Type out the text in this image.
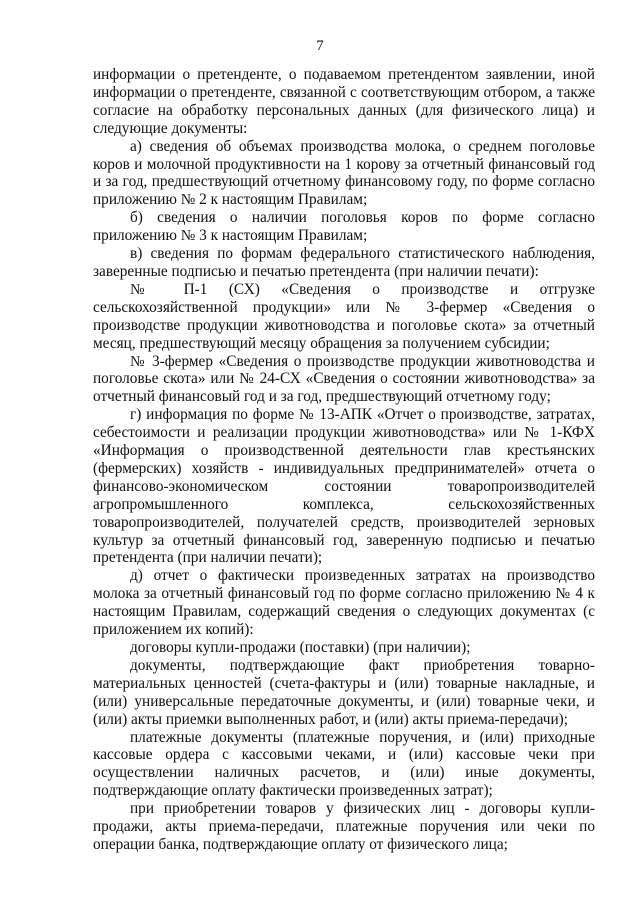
7

информации о претенденте, о подаваемом претендентом заявлении, иной информации о претенденте, связанной с соответствующим отбором, а также согласие на обработку персональных данных (для физического лица) и следующие документы:

а) сведения об объемах производства молока, о среднем поголовье коров и молочной продуктивности на 1 корову за отчетный финансовый год и за год, предшествующий отчетному финансовому году, по форме согласно приложению № 2 к настоящим Правилам;

б) сведения о наличии поголовья коров по форме согласно приложению № 3 к настоящим Правилам;

в) сведения по формам федерального статистического наблюдения, заверенные подписью и печатью претендента (при наличии печати):

№ П-1 (СХ) «Сведения о производстве и отгрузке сельскохозяйственной продукции» или № 3-фермер «Сведения о производстве продукции животноводства и поголовье скота» за отчетный месяц, предшествующий месяцу обращения за получением субсидии;

№ 3-фермер «Сведения о производстве продукции животноводства и поголовье скота» или № 24-СХ «Сведения о состоянии животноводства» за отчетный финансовый год и за год, предшествующий отчетному году;

г) информация по форме № 13-АПК «Отчет о производстве, затратах, себестоимости и реализации продукции животноводства» или № 1-КФХ «Информация о производственной деятельности глав крестьянских (фермерских) хозяйств - индивидуальных предпринимателей» отчета о финансово-экономическом состоянии товаропроизводителей агропромышленного комплекса, сельскохозяйственных товаропроизводителей, получателей средств, производителей зерновых культур за отчетный финансовый год, заверенную подписью и печатью претендента (при наличии печати);

д) отчет о фактически произведенных затратах на производство молока за отчетный финансовый год по форме согласно приложению № 4 к настоящим Правилам, содержащий сведения о следующих документах (с приложением их копий):

договоры купли-продажи (поставки) (при наличии);

документы, подтверждающие факт приобретения товарно-материальных ценностей (счета-фактуры и (или) товарные накладные, и (или) универсальные передаточные документы, и (или) товарные чеки, и (или) акты приемки выполненных работ, и (или) акты приема-передачи);

платежные документы (платежные поручения, и (или) приходные кассовые ордера с кассовыми чеками, и (или) кассовые чеки при осуществлении наличных расчетов, и (или) иные документы, подтверждающие оплату фактически произведенных затрат);

при приобретении товаров у физических лиц - договоры купли-продажи, акты приема-передачи, платежные поручения или чеки по операции банка, подтверждающие оплату от физического лица;
